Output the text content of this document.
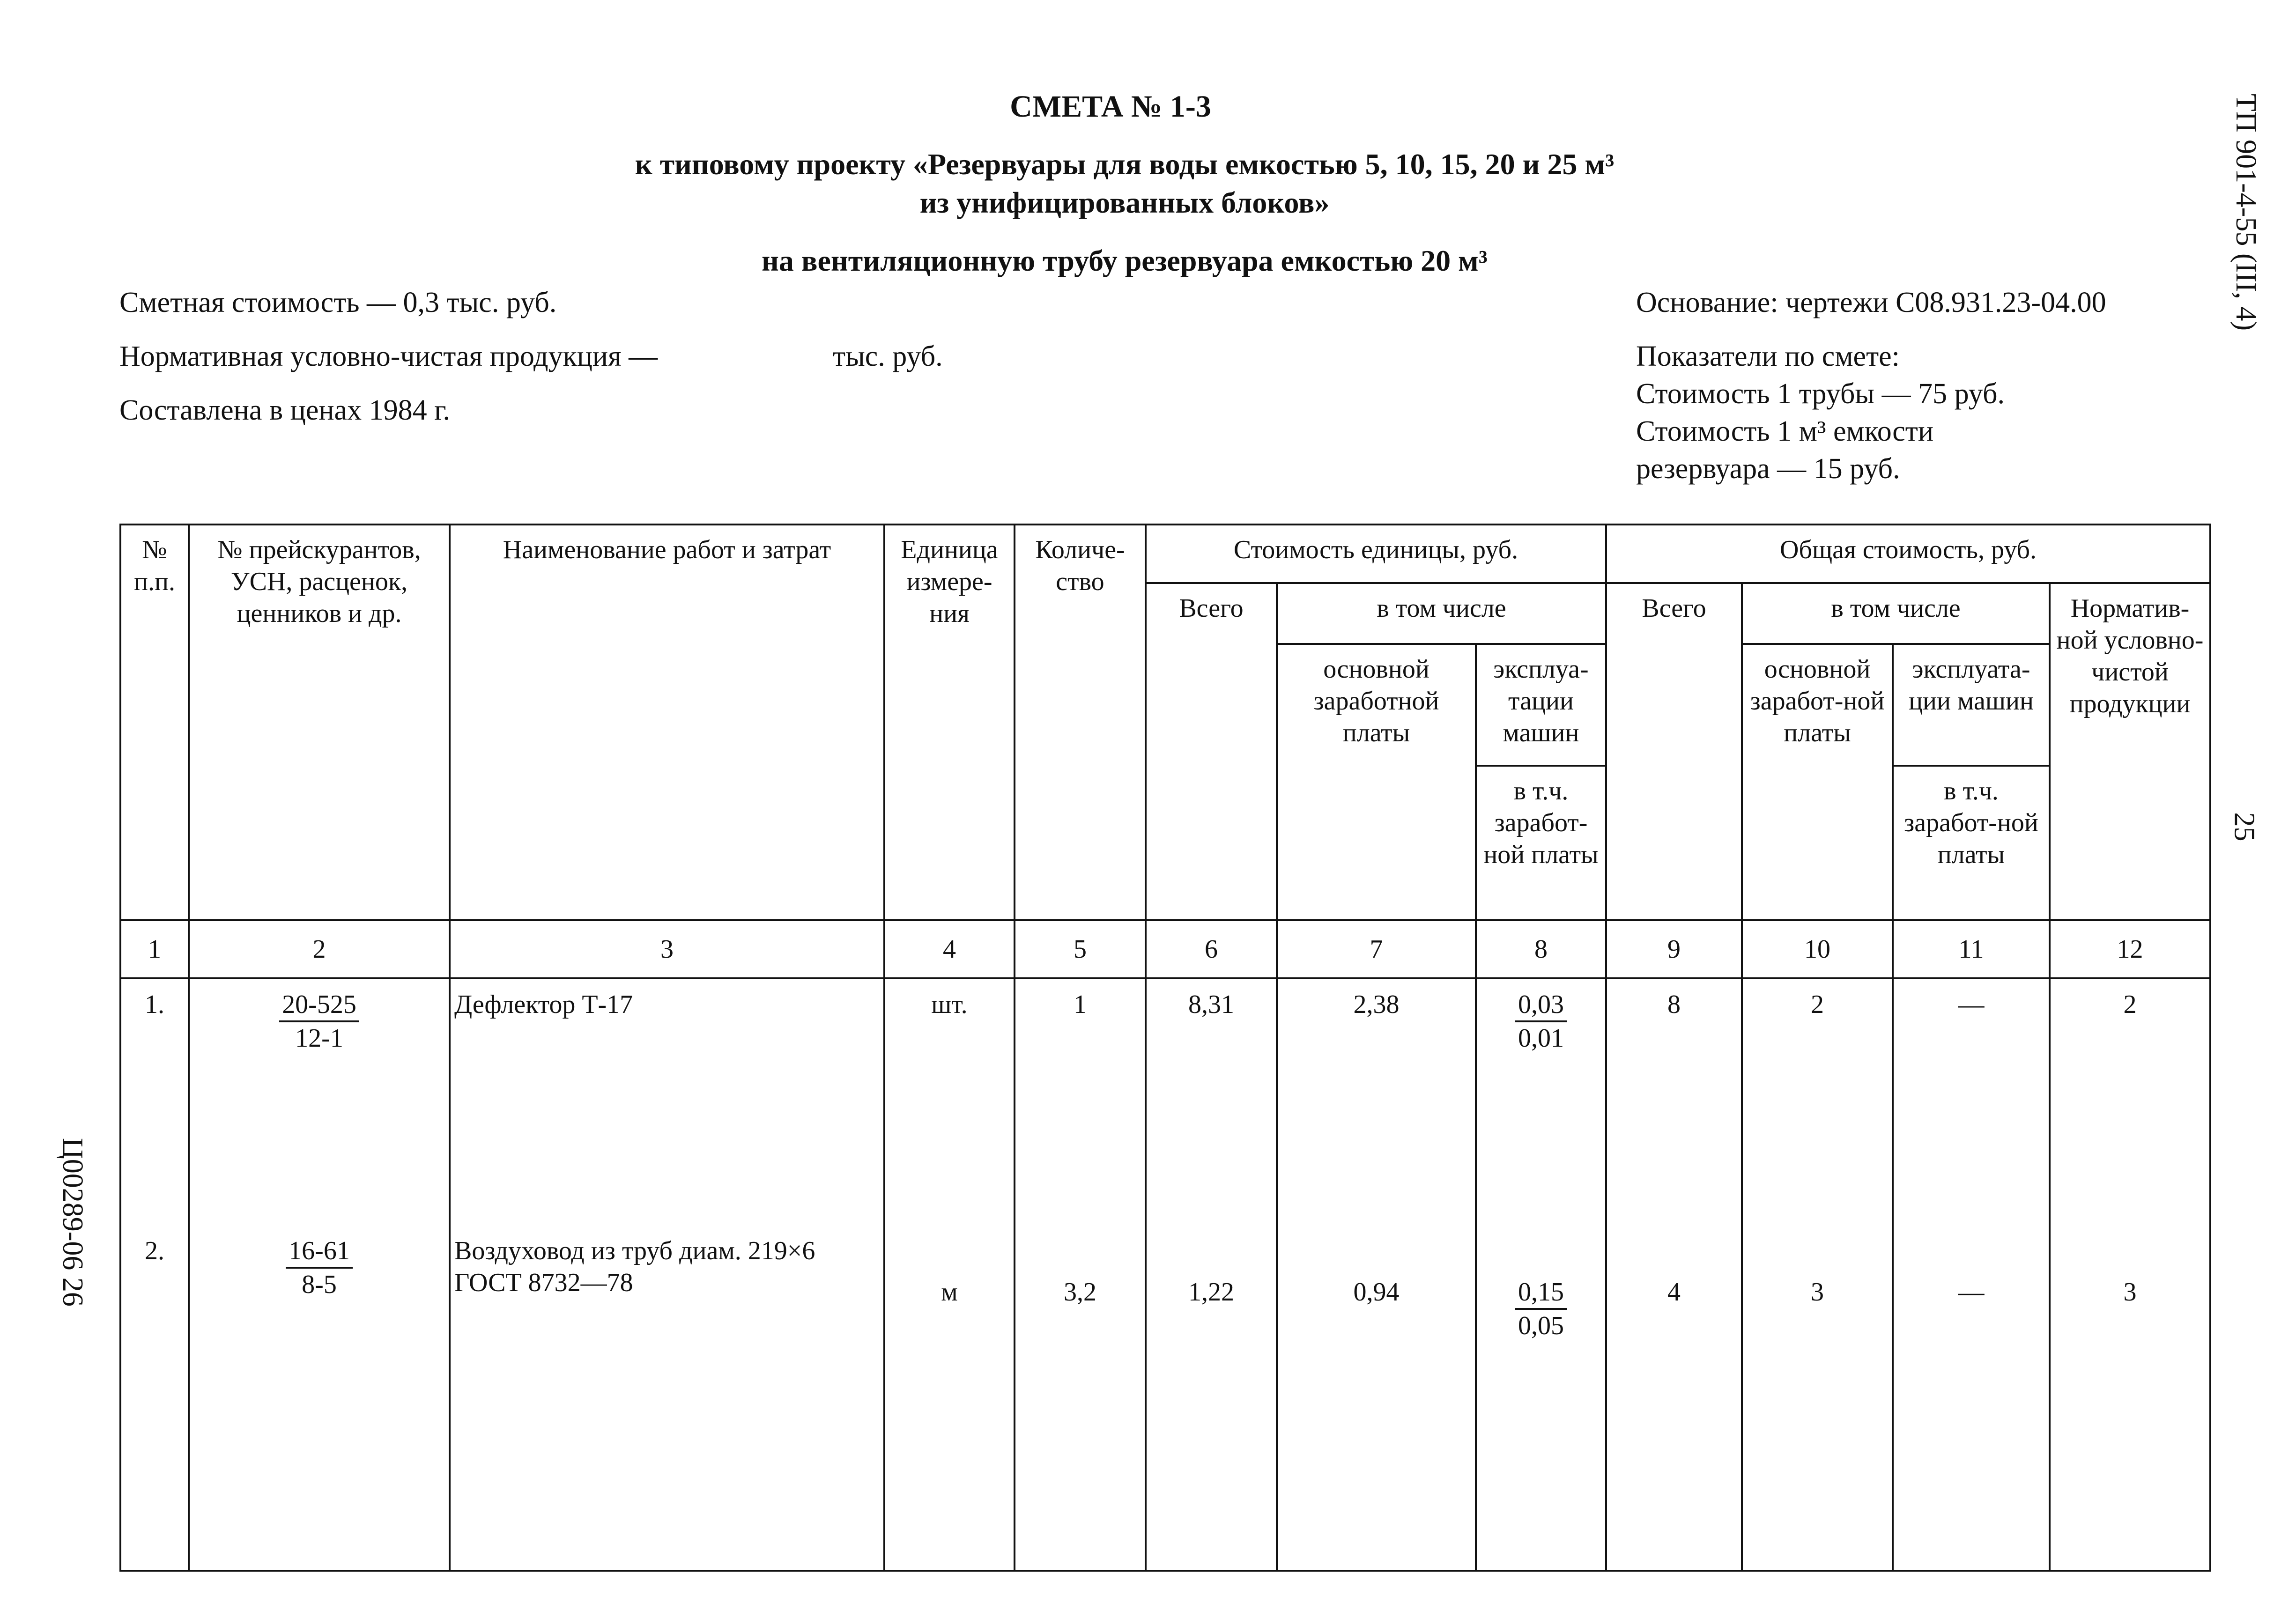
СМЕТА № 1-3
к типовому проекту «Резервуары для воды емкостью 5, 10, 15, 20 и 25 м³
из унифицированных блоков»
на вентиляционную трубу резервуара емкостью 20 м³
Сметная стоимость — 0,3 тыс. руб.
Нормативная условно-чистая продукция —	тыс. руб.
Составлена в ценах 1984 г.
Основание: чертежи С08.931.23-04.00
Показатели по смете:
Стоимость 1 трубы — 75 руб.
Стоимость 1 м³ емкости
резервуара — 15 руб.
ТП 901-4-55 (III, 4)
25
Ц00289-06 26
№ п.п.	№ прейскурантов, УСН, расценок, ценников и др.	Наименование работ и затрат	Единица измере-ния	Количе-ство	Стоимость единицы, руб.			Общая стоимость, руб.			
					Всего	в том числе		Всего	в том числе		Норматив-ной условно-чистой продукции
						основной заработной платы	эксплуа-тации машин		основной заработ-ной платы	эксплуата-ции машин	
							в т.ч. заработ-ной платы			в т.ч. заработ-ной платы	
1	2	3	4	5	6	7	8	9	10	11	12
1.	$\frac{20-525}{12-1}$	Дефлектор Т-17	шт.	1	8,31	2,38	$\frac{0,03}{0,01}$	8	2	—	2
2.	$\frac{16-61}{8-5}$	Воздуховод из труб диам. 219×6 ГОСТ 8732—78	м	3,2	1,22	0,94	$\frac{0,15}{0,05}$	4	3	—	3
